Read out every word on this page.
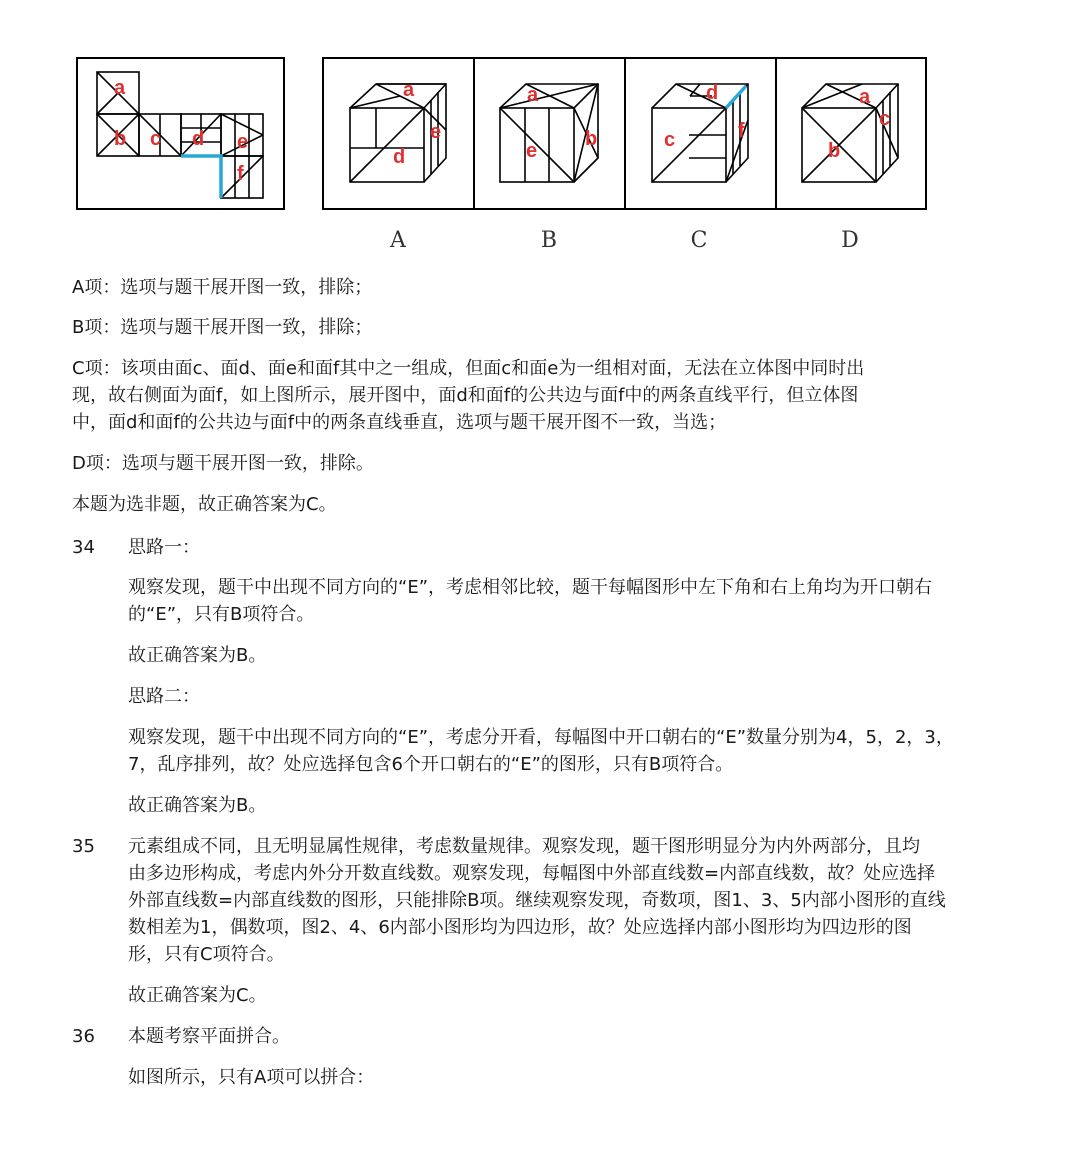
a
b c d e
f
a
e
d
a
e
b
d
f
c
a
c
b
A	B	C	D

A项：选项与题干展开图一致，排除；

B项：选项与题干展开图一致，排除；

C项：该项由面c、面d、面e和面f其中之一组成，但面c和面e为一组相对面，无法在立体图中同时出

现，故右侧面为面f，如上图所示，展开图中，面d和面f的公共边与面f中的两条直线平行，但立体图

中，面d和面f的公共边与面f中的两条直线垂直，选项与题干展开图不一致，当选；

D项：选项与题干展开图一致，排除。

本题为选非题，故正确答案为C。

34 思路一：

观察发现，题干中出现不同方向的“E”，考虑相邻比较，题干每幅图形中左下角和右上角均为开口朝右

的“E”，只有B项符合。

故正确答案为B。

思路二：

观察发现，题干中出现不同方向的“E”，考虑分开看，每幅图中开口朝右的“E”数量分别为4，5，2，3，

7，乱序排列，故？处应选择包含6个开口朝右的“E”的图形，只有B项符合。

故正确答案为B。

35 元素组成不同，且无明显属性规律，考虑数量规律。观察发现，题干图形明显分为内外两部分，且均

由多边形构成，考虑内外分开数直线数。观察发现，每幅图中外部直线数=内部直线数，故？处应选择

外部直线数=内部直线数的图形，只能排除B项。继续观察发现，奇数项，图1、3、5内部小图形的直线

数相差为1，偶数项，图2、4、6内部小图形均为四边形，故？处应选择内部小图形均为四边形的图

形，只有C项符合。

故正确答案为C。

36 本题考察平面拼合。

如图所示，只有A项可以拼合：
